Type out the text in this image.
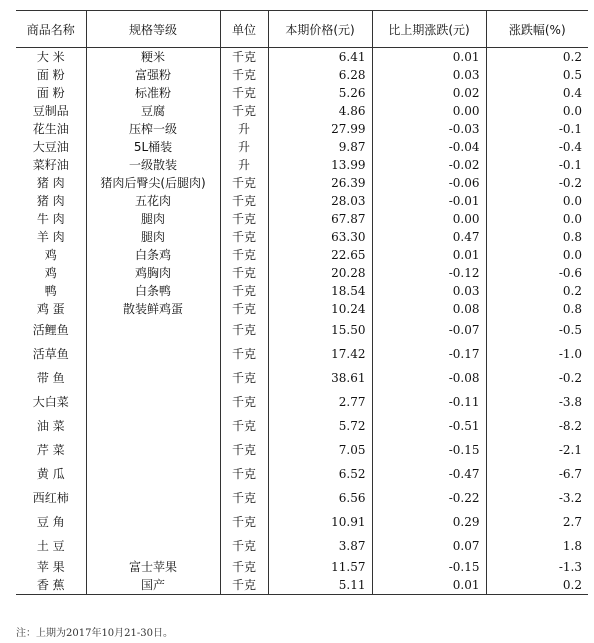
商品名称	规格等级	单位	本期价格(元)	比上期涨跌(元)	涨跌幅(%)
大 米	粳米	千克	6.41	0.01	0.2
面 粉	富强粉	千克	6.28	0.03	0.5
面 粉	标准粉	千克	5.26	0.02	0.4
豆制品	豆腐	千克	4.86	0.00	0.0
花生油	压榨一级	升	27.99	-0.03	-0.1
大豆油	5L桶装	升	9.87	-0.04	-0.4
菜籽油	一级散装	升	13.99	-0.02	-0.1
猪 肉	猪肉后臀尖(后腿肉)	千克	26.39	-0.06	-0.2
猪 肉	五花肉	千克	28.03	-0.01	0.0
牛 肉	腿肉	千克	67.87	0.00	0.0
羊 肉	腿肉	千克	63.30	0.47	0.8
鸡	白条鸡	千克	22.65	0.01	0.0
鸡	鸡胸肉	千克	20.28	-0.12	-0.6
鸭	白条鸭	千克	18.54	0.03	0.2
鸡 蛋	散装鲜鸡蛋	千克	10.24	0.08	0.8
活鲤鱼		千克	15.50	-0.07	-0.5
活草鱼		千克	17.42	-0.17	-1.0
带 鱼		千克	38.61	-0.08	-0.2
大白菜		千克	2.77	-0.11	-3.8
油 菜		千克	5.72	-0.51	-8.2
芹 菜		千克	7.05	-0.15	-2.1
黄 瓜		千克	6.52	-0.47	-6.7
西红柿		千克	6.56	-0.22	-3.2
豆 角		千克	10.91	0.29	2.7
土 豆		千克	3.87	0.07	1.8
苹 果	富士苹果	千克	11.57	-0.15	-1.3
香 蕉	国产	千克	5.11	0.01	0.2
注：上期为2017年10月21-30日。
